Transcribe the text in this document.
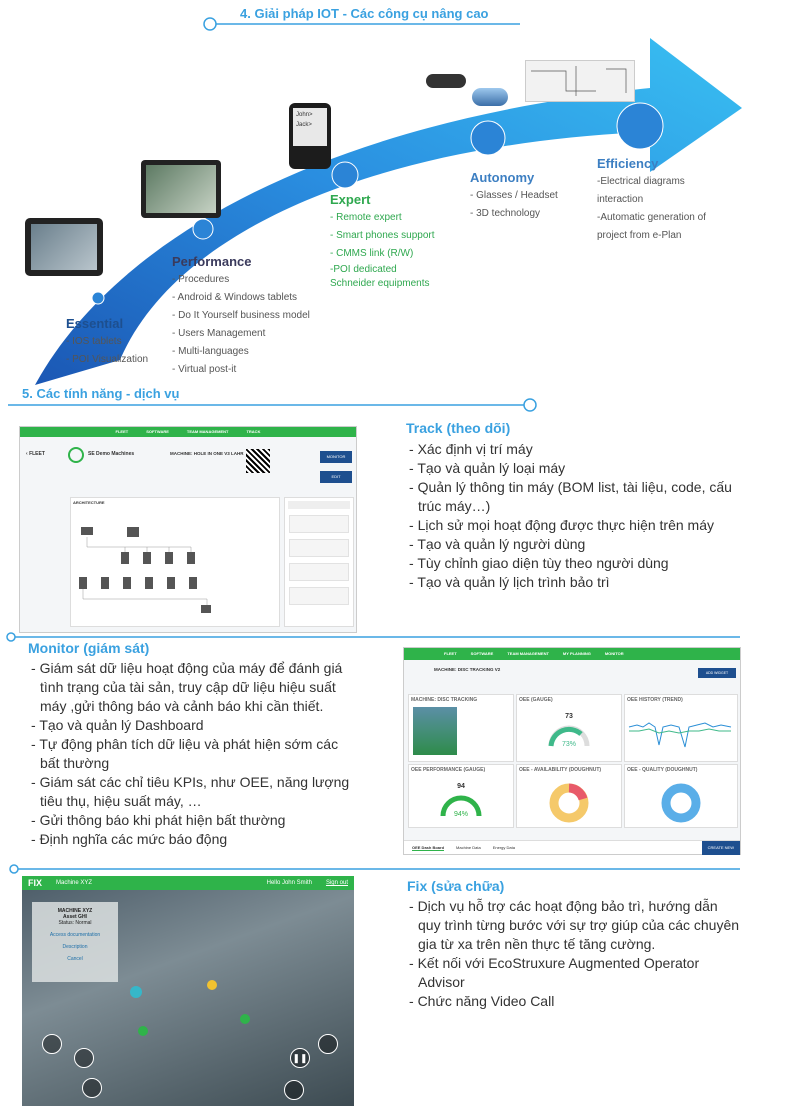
4. Giải pháp IOT - Các công cụ nâng cao
John>
Jack>
Essential
- IOS tablets
- POI Visualization
Performance
- Procedures
- Android & Windows tablets
- Do It Yourself business model
- Users Management
- Multi-languages
- Virtual post-it
Expert
- Remote expert
- Smart phones support
- CMMS link (R/W)
-POI dedicated
Schneider equipments
Autonomy
- Glasses / Headset
- 3D technology
Efficiency
-Electrical diagrams
interaction
-Automatic generation of
project from e-Plan
5. Các tính năng - dịch vụ
FLEET	SOFTWARE	TEAM MANAGEMENT	TRACK
‹ FLEET	SE Demo Machines	MACHINE: HOLE IN ONE V3 LAHR
MONITOR
EDIT
ARCHITECTURE
Track (theo dõi)
- Xác định vị trí máy
- Tạo và quản lý loại máy
- Quản lý thông tin máy (BOM list, tài liệu, code, cấu trúc máy…)
- Lịch sử mọi hoạt động được thực hiện trên máy
- Tạo và quản lý người dùng
- Tùy chỉnh giao diện tùy theo người dùng
- Tạo và quản lý lịch trình bảo trì
Monitor (giám sát)
- Giám sát dữ liệu hoạt động của máy để đánh giá tình trạng của tài sản, truy cập dữ liệu hiệu suất máy ,gửi thông báo và cảnh báo khi cần thiết.
- Tạo và quản lý Dashboard
- Tự động phân tích dữ liệu và phát hiện sớm các bất thường
- Giám sát các chỉ tiêu KPIs, như OEE, năng lượng tiêu thụ, hiệu suất máy, …
- Gửi thông báo khi phát hiện bất thường
- Định nghĩa các mức báo động
FLEET	SOFTWARE	TEAM MANAGEMENT	MY PLANNING	MONITOR
MACHINE: DISC TRACKING V2
ADD WIDGET
MACHINE: DISC TRACKING	OEE (GAUGE)
73
73%
OEE HISTORY (TREND)
OEE PERFORMANCE (GAUGE)
94
94%
OEE - AVAILABILITY (DOUGHNUT)	OEE - QUALITY (DOUGHNUT)
OEE Dash Board	Machine Data	Energy Data	CREATE NEW
FIX Machine XYZ	Hello John Smith Sign out
MACHINE XYZ
Asset GHI
Status: Normal
Access documentation
Description
Cancel
❚❚
Fix (sửa chữa)
- Dịch vụ hỗ trợ các hoạt động bảo trì, hướng dẫn quy trình từng bước với sự trợ giúp của các chuyên gia từ xa trên nền thực tế tăng cường.
- Kết nối với EcoStruxure Augmented Operator Advisor
- Chức năng Video Call
